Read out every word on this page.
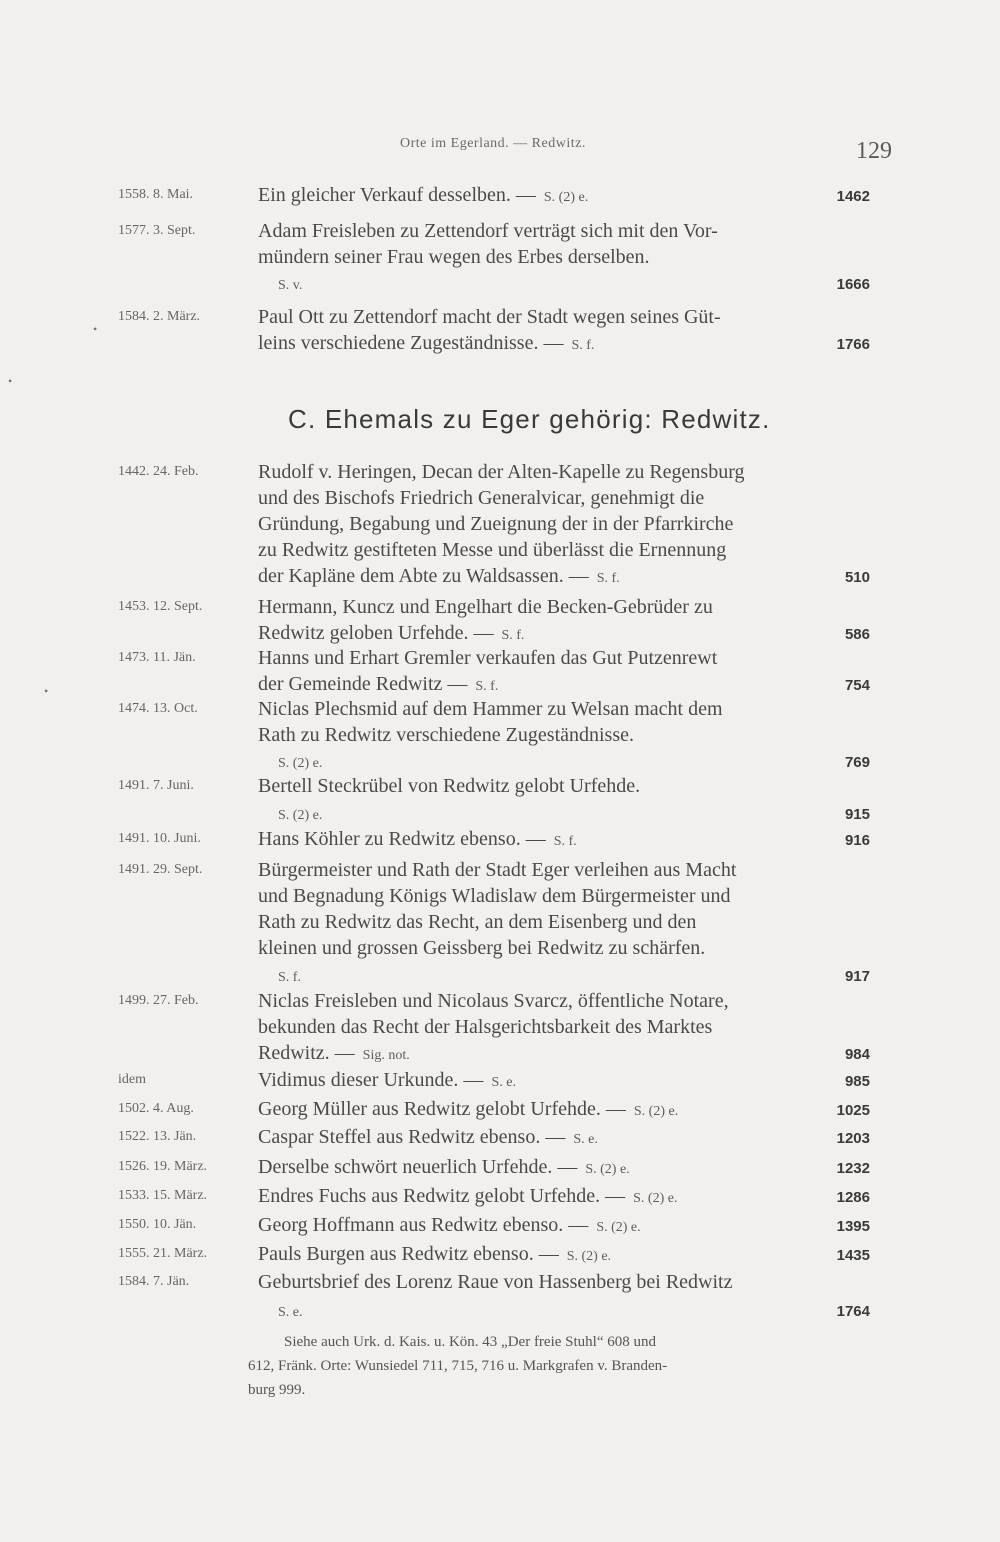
Orte im Egerland. — Redwitz.	129
C. Ehemals zu Eger gehörig: Redwitz.
1558. 8. Mai.	Ein gleicher Verkauf desselben. — S. (2) e.	1462
1577. 3. Sept.	Adam Freisleben zu Zettendorf verträgt sich mit den Vor-
mündern seiner Frau wegen des Erbes derselben.
S. v.	1666
1584. 2. März.	Paul Ott zu Zettendorf macht der Stadt wegen seines Güt-
leins verschiedene Zugeständnisse. — S. f.	1766
1442. 24. Feb.	Rudolf v. Heringen, Decan der Alten-Kapelle zu Regensburg
und des Bischofs Friedrich Generalvicar, genehmigt die
Gründung, Begabung und Zueignung der in der Pfarrkirche
zu Redwitz gestifteten Messe und überlässt die Ernennung
der Kapläne dem Abte zu Waldsassen. — S. f.	510
1453. 12. Sept.	Hermann, Kuncz und Engelhart die Becken-Gebrüder zu
Redwitz geloben Urfehde. — S. f.	586
1473. 11. Jän.	Hanns und Erhart Gremler verkaufen das Gut Putzenrewt
der Gemeinde Redwitz — S. f.	754
1474. 13. Oct.	Niclas Plechsmid auf dem Hammer zu Welsan macht dem
Rath zu Redwitz verschiedene Zugeständnisse.
S. (2) e.	769
1491. 7. Juni.	Bertell Steckrübel von Redwitz gelobt Urfehde.
S. (2) e.	915
1491. 10. Juni.	Hans Köhler zu Redwitz ebenso. — S. f.	916
1491. 29. Sept.	Bürgermeister und Rath der Stadt Eger verleihen aus Macht
und Begnadung Königs Wladislaw dem Bürgermeister und
Rath zu Redwitz das Recht, an dem Eisenberg und den
kleinen und grossen Geissberg bei Redwitz zu schärfen.
S. f.	917
1499. 27. Feb.	Niclas Freisleben und Nicolaus Svarcz, öffentliche Notare,
bekunden das Recht der Halsgerichtsbarkeit des Marktes
Redwitz. — Sig. not.	984
idem	Vidimus dieser Urkunde. — S. e.	985
1502. 4. Aug.	Georg Müller aus Redwitz gelobt Urfehde. — S. (2) e.	1025
1522. 13. Jän.	Caspar Steffel aus Redwitz ebenso. — S. e.	1203
1526. 19. März.	Derselbe schwört neuerlich Urfehde. — S. (2) e.	1232
1533. 15. März.	Endres Fuchs aus Redwitz gelobt Urfehde. — S. (2) e.	1286
1550. 10. Jän.	Georg Hoffmann aus Redwitz ebenso. — S. (2) e.	1395
1555. 21. März.	Pauls Burgen aus Redwitz ebenso. — S. (2) e.	1435
1584. 7. Jän.	Geburtsbrief des Lorenz Raue von Hassenberg bei Redwitz
S. e.	1764

Siehe auch Urk. d. Kais. u. Kön. 43 „Der freie Stuhl“ 608 und

612, Fränk. Orte: Wunsiedel 711, 715, 716 u. Markgrafen v. Branden-

burg 999.

•
•
•
